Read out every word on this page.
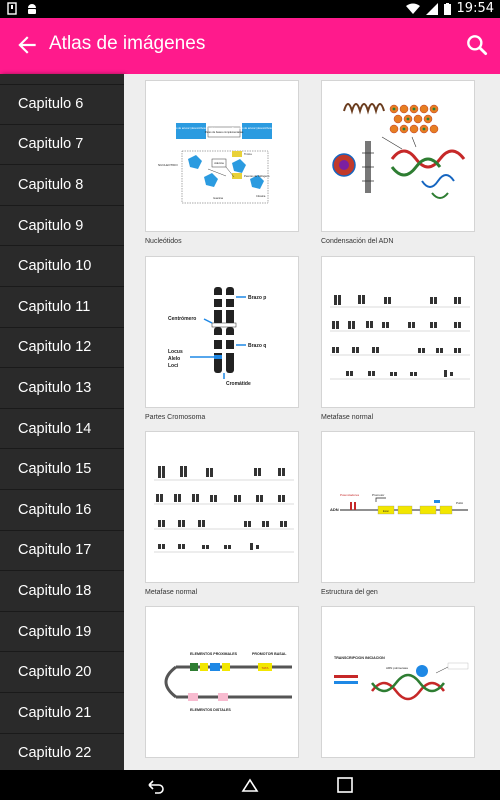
19:54
Atlas de imágenes
Capitulo 6
Capitulo 7
Capitulo 8
Capitulo 9
Capitulo 10
Capitulo 11
Capitulo 12
Capitulo 13
Capitulo 14
Capitulo 15
Capitulo 16
Capitulo 17
Capitulo 18
Capitulo 19
Capitulo 20
Capitulo 21
Capitulo 22
Esqueleto de azucar (desoxirribosa) fosfato
Pares de bases complementarias
Esqueleto de azucar (desoxirribosa) fosfato
NUCLEOTIDO	Adenina
Timina
Puentes de hidrógeno
Guanina
Citosina
Nucleótidos	Condensación del ADN
Brazo p
Centrómero
Brazo q
Locus
Alelo
Loci
Cromátide
Partes Cromosoma	Metafase normal
Metafase normal
ADN
Potenciadores	Promotor
Exon
PoliA
Estructura del gen
ELEMENTOS PROXIMALES	PROMOTOR BASAL
TATA
ELEMENTOS DISTALES
TRANSCRIPCION INICIACION
ARN polimerasa
